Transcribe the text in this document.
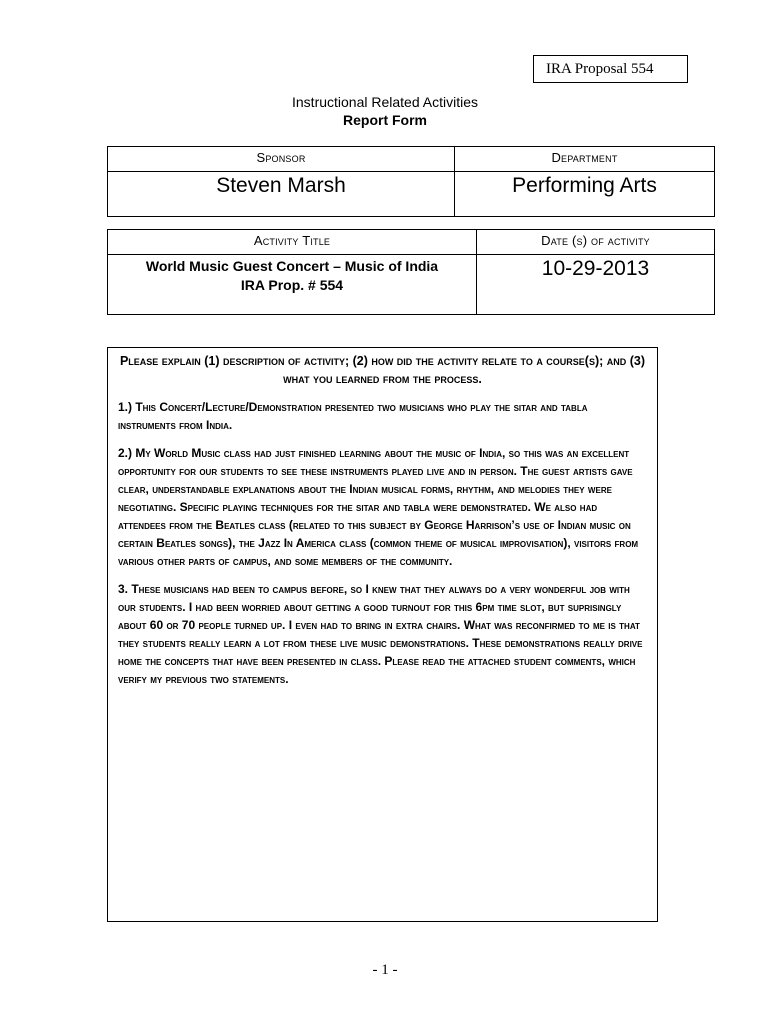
IRA Proposal 554
Instructional Related Activities
Report Form
Sponsor	Department
Steven Marsh	Performing Arts
Activity Title	Date (s) of activity

World Music Guest Concert – Music of India
IRA Prop. # 554	10-29-2013

Please explain (1) description of activity; (2) how did the activity relate to a course(s); and (3) what you learned from the process.

1.) This Concert/Lecture/Demonstration presented two musicians who play the sitar and tabla instruments from India.

2.) My World Music class had just finished learning about the music of India, so this was an excellent opportunity for our students to see these instruments played live and in person. The guest artists gave clear, understandable explanations about the Indian musical forms, rhythm, and melodies they were negotiating. Specific playing techniques for the sitar and tabla were demonstrated. We also had attendees from the Beatles class (related to this subject by George Harrison’s use of Indian music on certain Beatles songs), the Jazz In America class (common theme of musical improvisation), visitors from various other parts of campus, and some members of the community.

3. These musicians had been to campus before, so I knew that they always do a very wonderful job with our students. I had been worried about getting a good turnout for this 6pm time slot, but suprisingly about 60 or 70 people turned up. I even had to bring in extra chairs. What was reconfirmed to me is that they students really learn a lot from these live music demonstrations. These demonstrations really drive home the concepts that have been presented in class. Please read the attached student comments, which verify my previous two statements.

- 1 -
